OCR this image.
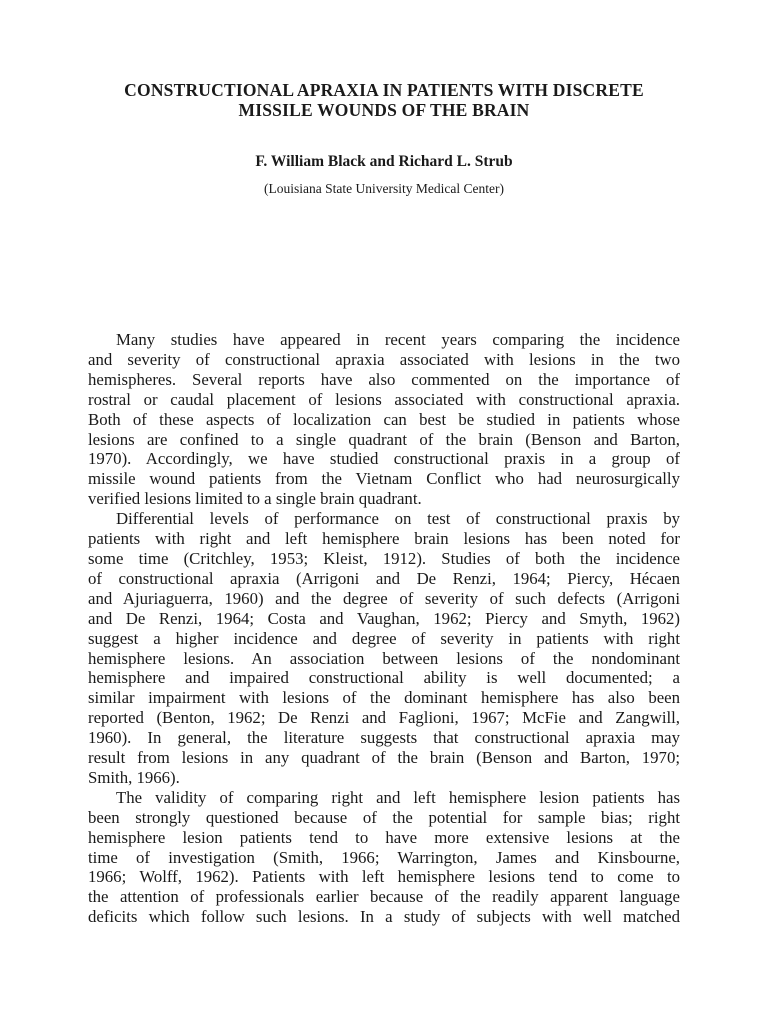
CONSTRUCTIONAL APRAXIA IN PATIENTS WITH DISCRETE
MISSILE WOUNDS OF THE BRAIN

F. William Black and Richard L. Strub

(Louisiana State University Medical Center)

Many studies have appeared in recent years comparing the incidence
and severity of constructional apraxia associated with lesions in the two
hemispheres. Several reports have also commented on the importance of
rostral or caudal placement of lesions associated with constructional apraxia.
Both of these aspects of localization can best be studied in patients whose
lesions are confined to a single quadrant of the brain (Benson and Barton,
1970). Accordingly, we have studied constructional praxis in a group of
missile wound patients from the Vietnam Conflict who had neurosurgically
verified lesions limited to a single brain quadrant.
Differential levels of performance on test of constructional praxis by
patients with right and left hemisphere brain lesions has been noted for
some time (Critchley, 1953; Kleist, 1912). Studies of both the incidence
of constructional apraxia (Arrigoni and De Renzi, 1964; Piercy, Hécaen
and Ajuriaguerra, 1960) and the degree of severity of such defects (Arrigoni
and De Renzi, 1964; Costa and Vaughan, 1962; Piercy and Smyth, 1962)
suggest a higher incidence and degree of severity in patients with right
hemisphere lesions. An association between lesions of the nondominant
hemisphere and impaired constructional ability is well documented; a
similar impairment with lesions of the dominant hemisphere has also been
reported (Benton, 1962; De Renzi and Faglioni, 1967; McFie and Zangwill,
1960). In general, the literature suggests that constructional apraxia may
result from lesions in any quadrant of the brain (Benson and Barton, 1970;
Smith, 1966).
The validity of comparing right and left hemisphere lesion patients has
been strongly questioned because of the potential for sample bias; right
hemisphere lesion patients tend to have more extensive lesions at the
time of investigation (Smith, 1966; Warrington, James and Kinsbourne,
1966; Wolff, 1962). Patients with left hemisphere lesions tend to come to
the attention of professionals earlier because of the readily apparent language
deficits which follow such lesions. In a study of subjects with well matched
